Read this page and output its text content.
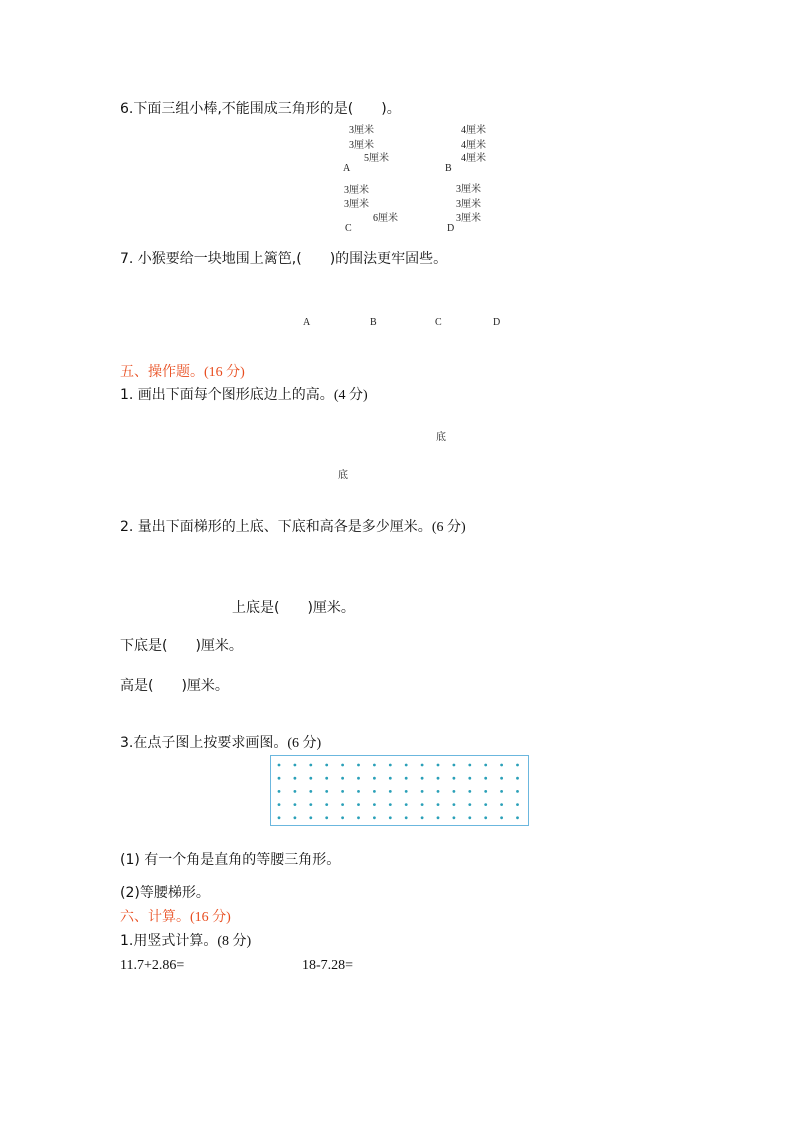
6.下面三组小棒,不能围成三角形的是(　　)。
3厘米
3厘米
5厘米
A
4厘米
4厘米
4厘米
B
3厘米
3厘米
6厘米
C
3厘米
3厘米
3厘米
D
7. 小猴要给一块地围上篱笆,(　　)的围法更牢固些。
A	B	C	D
五、操作题。(16 分)
1. 画出下面每个图形底边上的高。(4 分)
底
底
2. 量出下面梯形的上底、下底和高各是多少厘米。(6 分)
上底是(　　)厘米。
下底是(　　)厘米。
高是(　　)厘米。
3.在点子图上按要求画图。(6 分)
(1) 有一个角是直角的等腰三角形。
(2)等腰梯形。
六、计算。(16 分)
1.用竖式计算。(8 分)
11.7+2.86=	18-7.28=
